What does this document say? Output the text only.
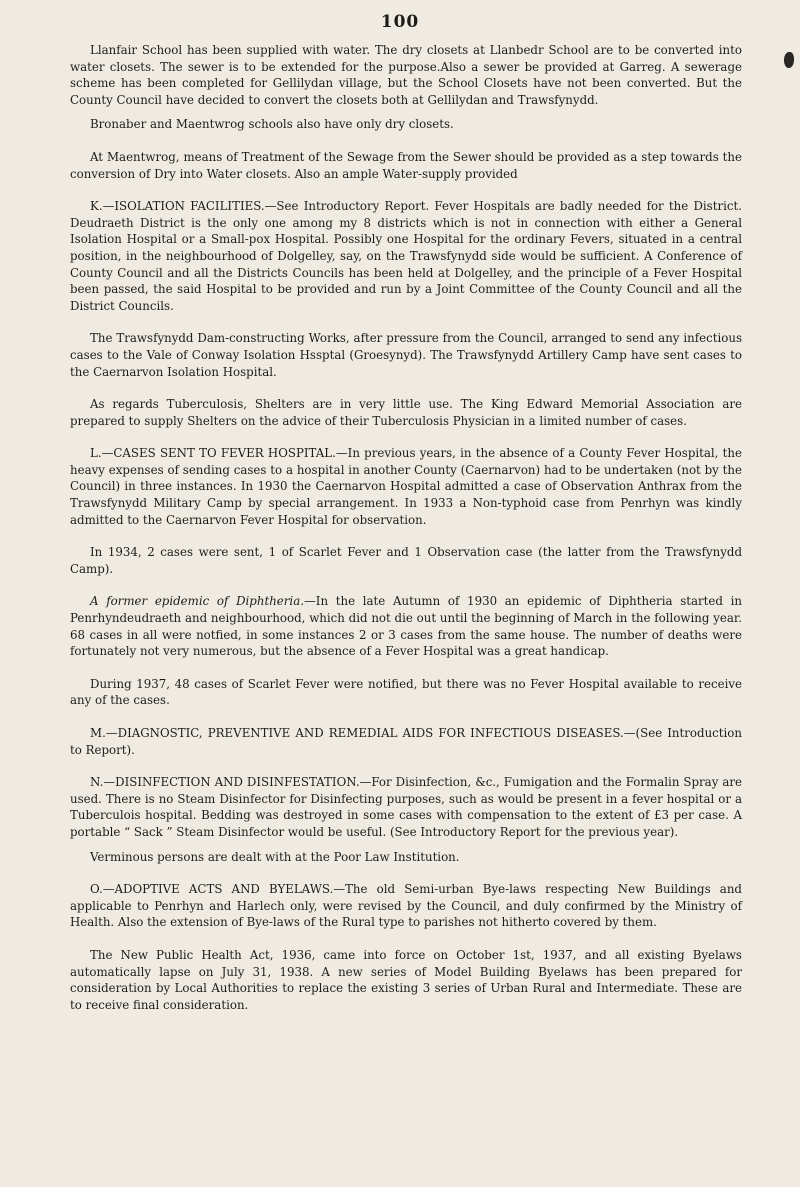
100

Llanfair School has been supplied with water. The dry closets at Llanbedr School are to be converted into water closets. The sewer is to be extended for the purpose.Also a sewer be provided at Garreg. A sewerage scheme has been completed for Gellilydan village, but the School Closets have not been converted. But the County Council have decided to convert the closets both at Gellilydan and Trawsfynydd.

Bronaber and Maentwrog schools also have only dry closets.

At Maentwrog, means of Treatment of the Sewage from the Sewer should be provided as a step towards the conversion of Dry into Water closets. Also an ample Water-supply provided

K.—ISOLATION FACILITIES.—See Introductory Report. Fever Hospitals are badly needed for the District. Deudraeth District is the only one among my 8 districts which is not in connection with either a General Isolation Hospital or a Small-pox Hospital. Possibly one Hospital for the ordinary Fevers, situated in a central position, in the neighbourhood of Dolgelley, say, on the Trawsfynydd side would be sufficient. A Conference of County Council and all the Districts Councils has been held at Dolgelley, and the principle of a Fever Hospital been passed, the said Hospital to be provided and run by a Joint Committee of the County Council and all the District Councils.

The Trawsfynydd Dam-constructing Works, after pressure from the Council, arranged to send any infectious cases to the Vale of Conway Isolation Hssptal (Groesynyd). The Trawsfynydd Artillery Camp have sent cases to the Caernarvon Isolation Hospital.

As regards Tuberculosis, Shelters are in very little use. The King Edward Memorial Association are prepared to supply Shelters on the advice of their Tuberculosis Physician in a limited number of cases.

L.—CASES SENT TO FEVER HOSPITAL.—In previous years, in the absence of a County Fever Hospital, the heavy expenses of sending cases to a hospital in another County (Caernarvon) had to be undertaken (not by the Council) in three instances. In 1930 the Caernarvon Hospital admitted a case of Observation Anthrax from the Trawsfynydd Military Camp by special arrangement. In 1933 a Non-typhoid case from Penrhyn was kindly admitted to the Caernarvon Fever Hospital for observation.

In 1934, 2 cases were sent, 1 of Scarlet Fever and 1 Observation case (the latter from the Trawsfynydd Camp).

A former epidemic of Diphtheria.—In the late Autumn of 1930 an epidemic of Diphtheria started in Penrhyndeudraeth and neighbourhood, which did not die out until the beginning of March in the following year. 68 cases in all were notfied, in some instances 2 or 3 cases from the same house. The number of deaths were fortunately not very numerous, but the absence of a Fever Hospital was a great handicap.

During 1937, 48 cases of Scarlet Fever were notified, but there was no Fever Hospital available to receive any of the cases.

M.—DIAGNOSTIC, PREVENTIVE AND REMEDIAL AIDS FOR INFECTIOUS DISEASES.—(See Introduction to Report).

N.—DISINFECTION AND DISINFESTATION.—For Disinfection, &c., Fumigation and the Formalin Spray are used. There is no Steam Disinfector for Disinfecting purposes, such as would be present in a fever hospital or a Tuberculois hospital. Bedding was destroyed in some cases with compensation to the extent of £3 per case. A portable “ Sack ” Steam Disinfector would be useful. (See Introductory Report for the previous year).

Verminous persons are dealt with at the Poor Law Institution.

O.—ADOPTIVE ACTS AND BYELAWS.—The old Semi-urban Bye-laws respecting New Buildings and applicable to Penrhyn and Harlech only, were revised by the Council, and duly confirmed by the Ministry of Health. Also the extension of Bye-laws of the Rural type to parishes not hitherto covered by them.

The New Public Health Act, 1936, came into force on October 1st, 1937, and all existing Byelaws automatically lapse on July 31, 1938. A new series of Model Building Byelaws has been prepared for consideration by Local Authorities to replace the existing 3 series of Urban Rural and Intermediate. These are to receive final consideration.
